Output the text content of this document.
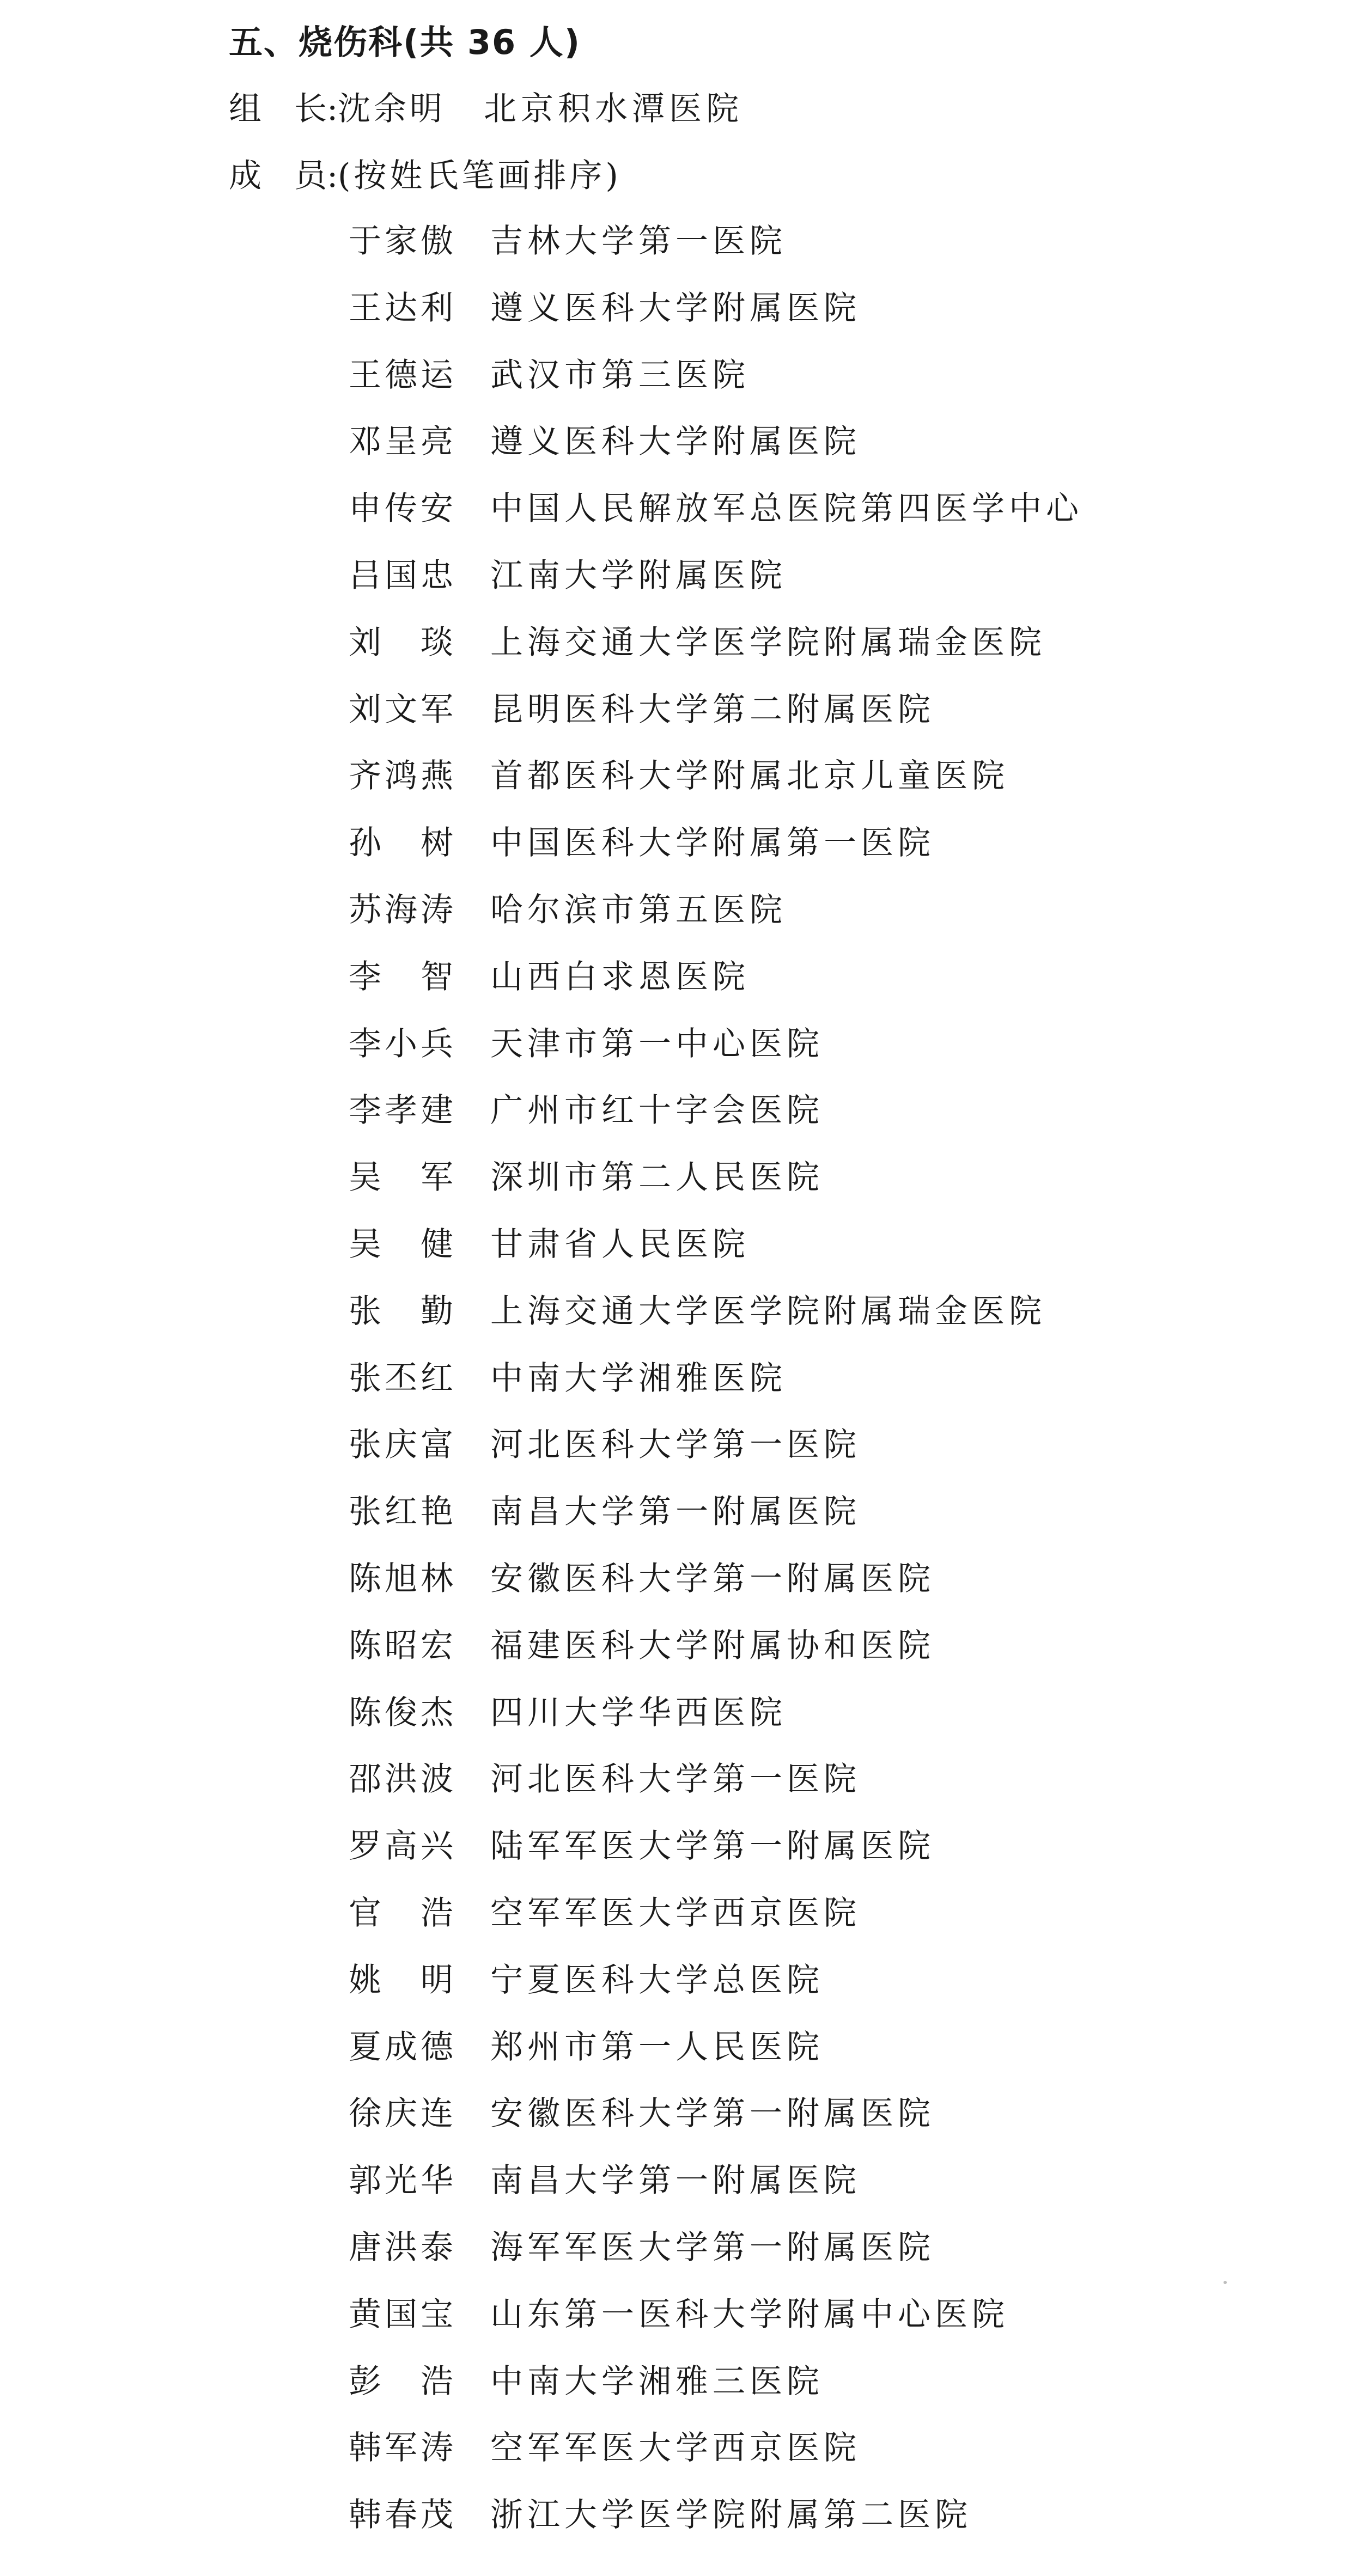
五、烧伤科(共 36 人)
组　长:沈余明 北京积水潭医院
成　员:(按姓氏笔画排序)
于家傲 吉林大学第一医院
王达利 遵义医科大学附属医院
王德运 武汉市第三医院
邓呈亮 遵义医科大学附属医院
申传安 中国人民解放军总医院第四医学中心
吕国忠 江南大学附属医院
刘　琰 上海交通大学医学院附属瑞金医院
刘文军 昆明医科大学第二附属医院
齐鸿燕 首都医科大学附属北京儿童医院
孙　树 中国医科大学附属第一医院
苏海涛 哈尔滨市第五医院
李　智 山西白求恩医院
李小兵 天津市第一中心医院
李孝建 广州市红十字会医院
吴　军 深圳市第二人民医院
吴　健 甘肃省人民医院
张　勤 上海交通大学医学院附属瑞金医院
张丕红 中南大学湘雅医院
张庆富 河北医科大学第一医院
张红艳 南昌大学第一附属医院
陈旭林 安徽医科大学第一附属医院
陈昭宏 福建医科大学附属协和医院
陈俊杰 四川大学华西医院
邵洪波 河北医科大学第一医院
罗高兴 陆军军医大学第一附属医院
官　浩 空军军医大学西京医院
姚　明 宁夏医科大学总医院
夏成德 郑州市第一人民医院
徐庆连 安徽医科大学第一附属医院
郭光华 南昌大学第一附属医院
唐洪泰 海军军医大学第一附属医院
黄国宝 山东第一医科大学附属中心医院
彭　浩 中南大学湘雅三医院
韩军涛 空军军医大学西京医院
韩春茂 浙江大学医学院附属第二医院
